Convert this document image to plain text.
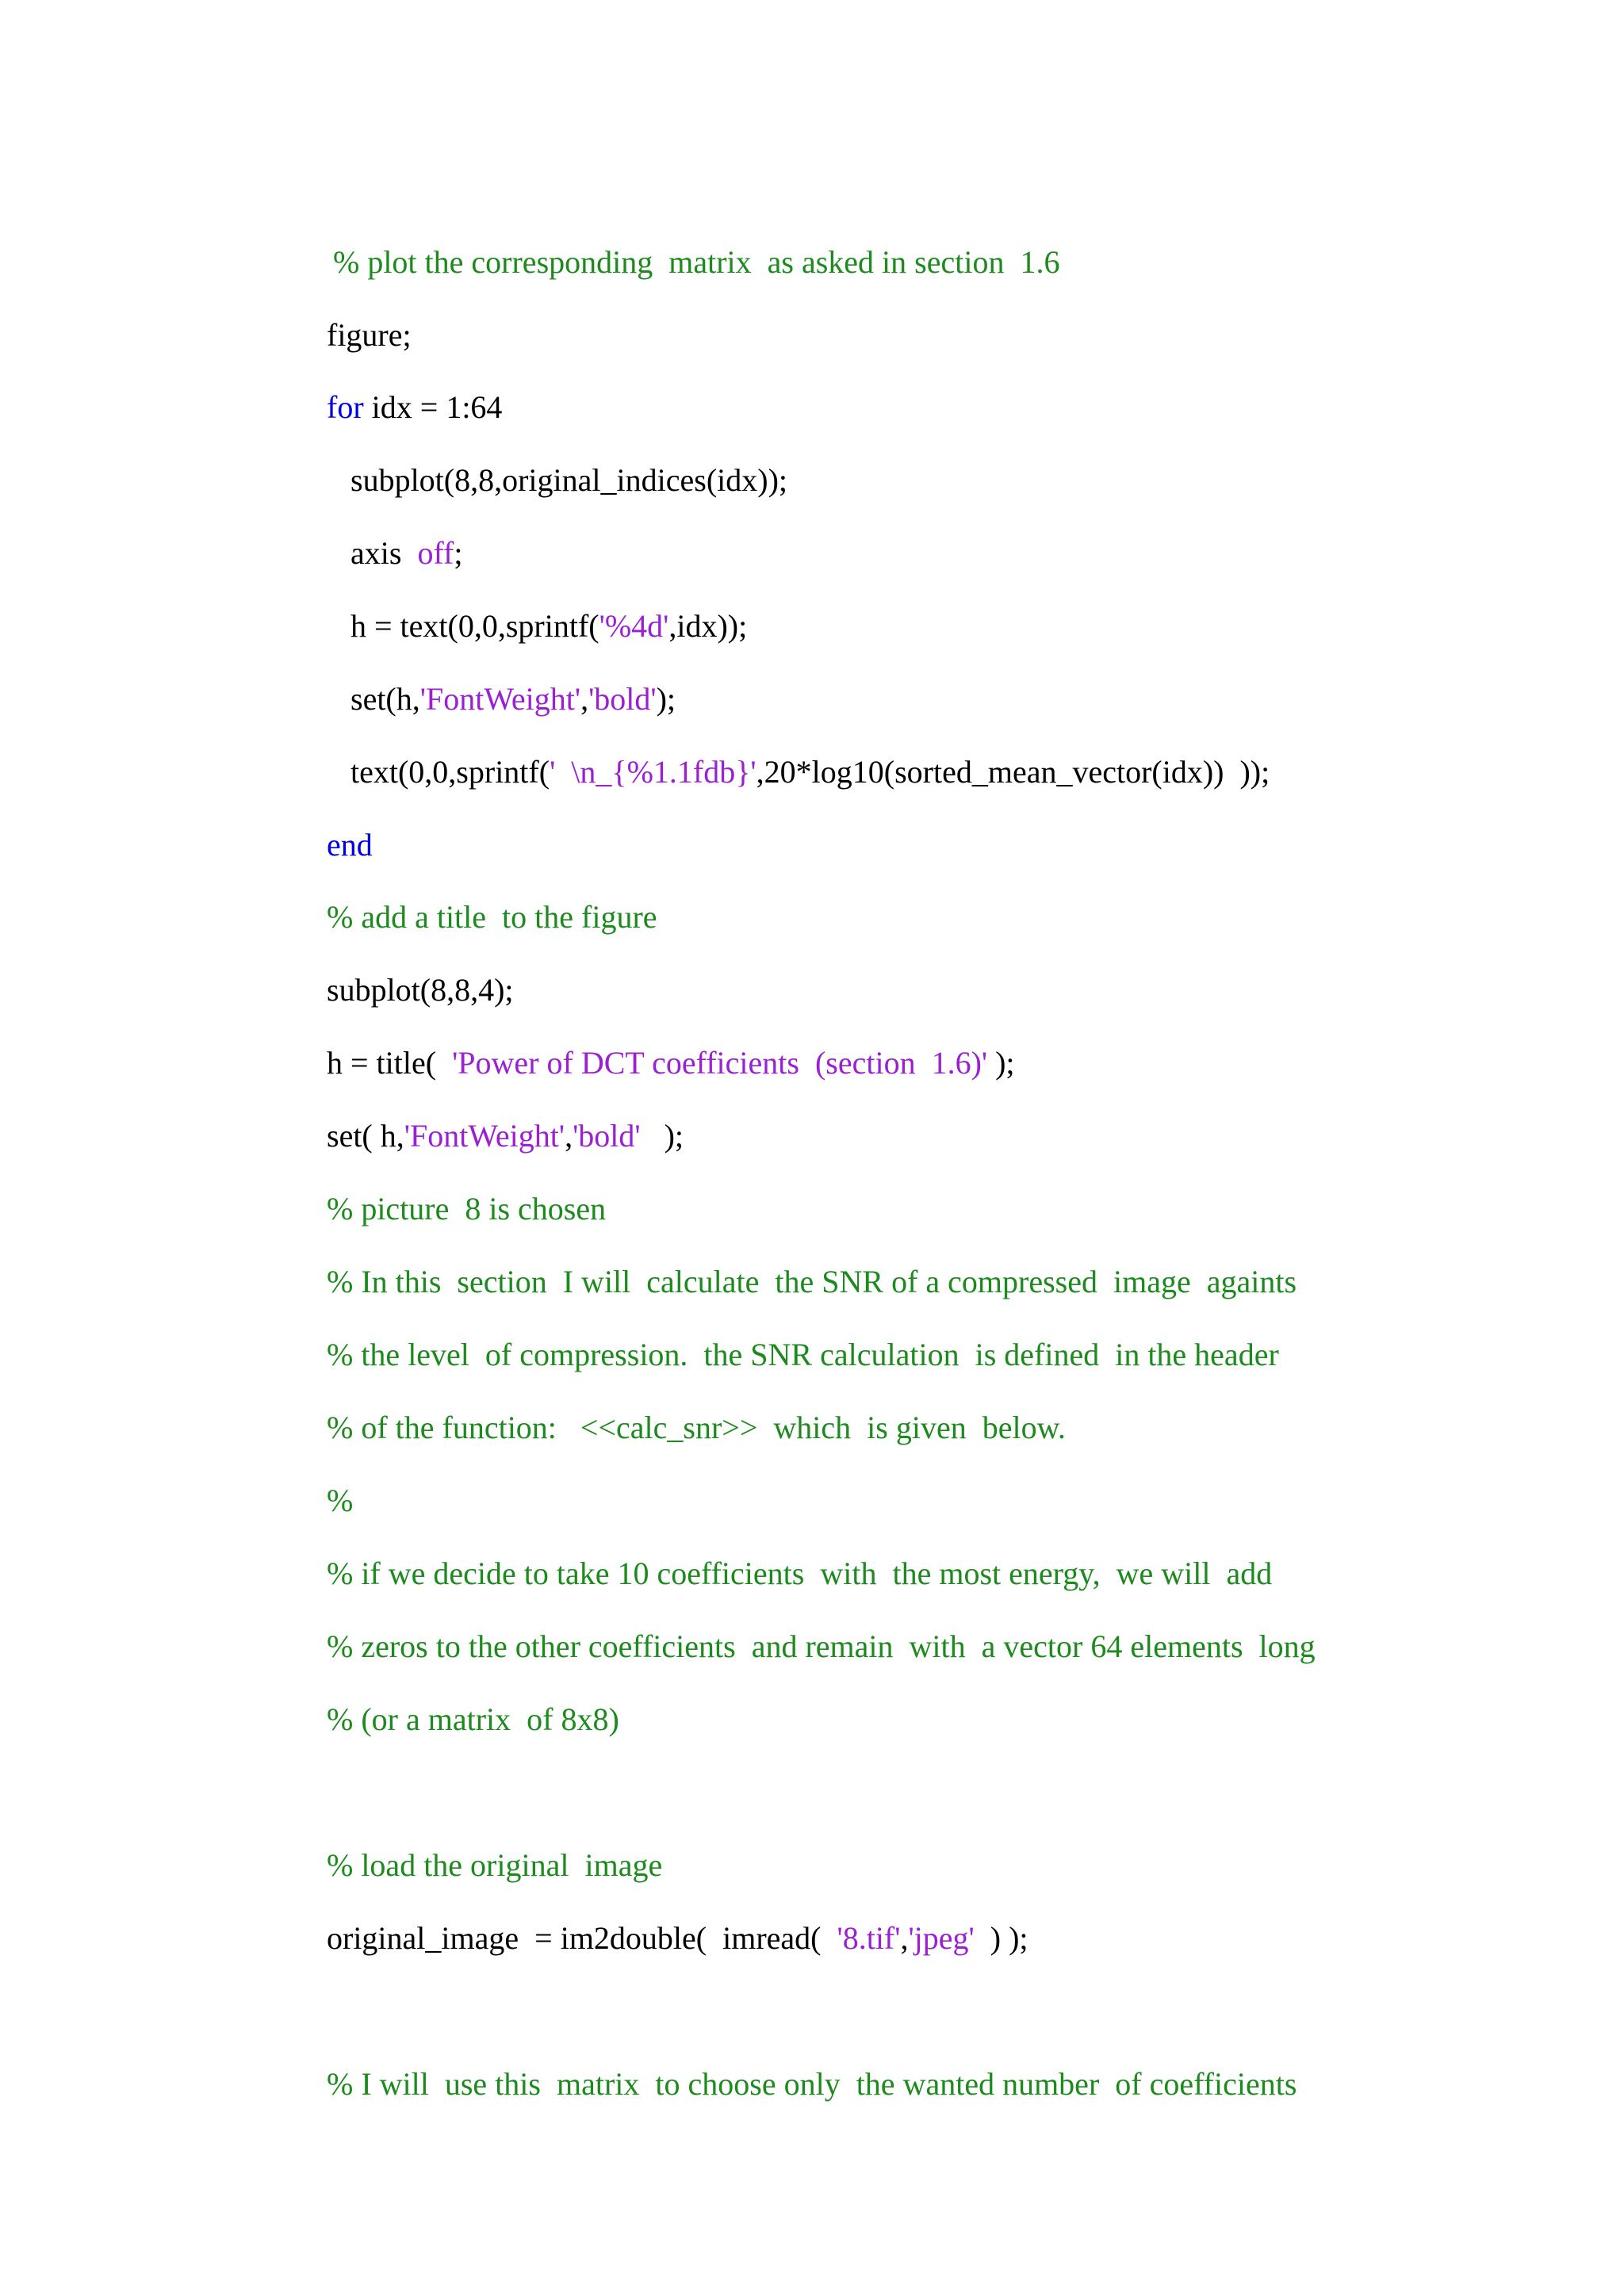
% plot the corresponding  matrix  as asked in section  1.6

figure;

for idx = 1:64

subplot(8,8,original_indices(idx));

axis  off;

h = text(0,0,sprintf('%4d',idx));

set(h,'FontWeight','bold');

text(0,0,sprintf('  \n_{%1.1fdb}',20*log10(sorted_mean_vector(idx))  ));

end

% add a title  to the figure

subplot(8,8,4);

h = title(  'Power of DCT coefficients  (section  1.6)' );

set( h,'FontWeight','bold'   );

% picture  8 is chosen

% In this  section  I will  calculate  the SNR of a compressed  image  againts

% the level  of compression.  the SNR calculation  is defined  in the header

% of the function:   <<calc_snr>>  which  is given  below.

%

% if we decide to take 10 coefficients  with  the most energy,  we will  add

% zeros to the other coefficients  and remain  with  a vector 64 elements  long

% (or a matrix  of 8x8)

% load the original  image

original_image  = im2double(  imread(  '8.tif','jpeg'  ) );

% I will  use this  matrix  to choose only  the wanted number  of coefficients
